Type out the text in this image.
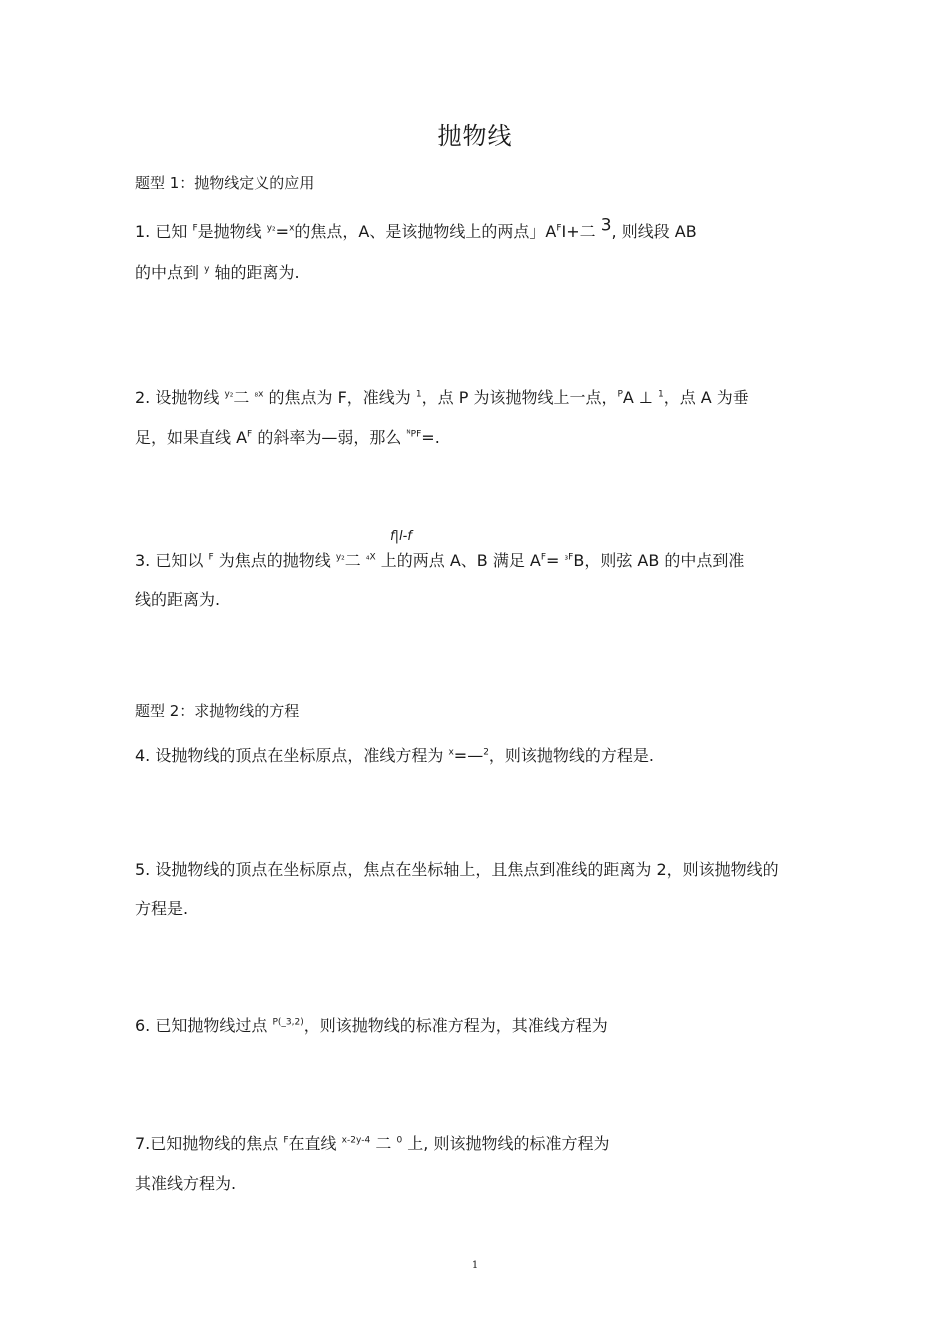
抛物线
题型 1：抛物线定义的应用
1. 已知 $^F$是抛物线 $^{y_2}$=$^x$的焦点，A、是该抛物线上的两点」$A^FI+$二 $^3$, 则线段 AB
的中点到 $^y$ 轴的距离为.
2. 设抛物线 $^{y_2}$二 $^{_8x}$ 的焦点为 F，准线为 $^1$，点 P 为该抛物线上一点，$^P$A ⊥ $^1$，点 A 为垂
足，如果直线 $A^F$ 的斜率为—弱，那么 $^{ᴺPF}$=.
f|l-f
3. 已知以 $^F$ 为焦点的抛物线 $^{y_2}$二 $^{_4X}$ 上的两点 A、B 满足 $A^F= ^{_3F}B$，则弦 AB 的中点到准
线的距离为.
题型 2：求抛物线的方程
4. 设抛物线的顶点在坐标原点，准线方程为 $^x$=—$^2$，则该抛物线的方程是.
5. 设抛物线的顶点在坐标原点，焦点在坐标轴上，且焦点到准线的距离为 2，则该抛物线的
方程是.
6. 已知抛物线过点 $^{P(\_3,2)}$，则该抛物线的标准方程为，其准线方程为
7.已知抛物线的焦点 $^F$在直线 $^{x-2y-4}$ 二 $^0$ 上, 则该抛物线的标准方程为
其准线方程为.
1
